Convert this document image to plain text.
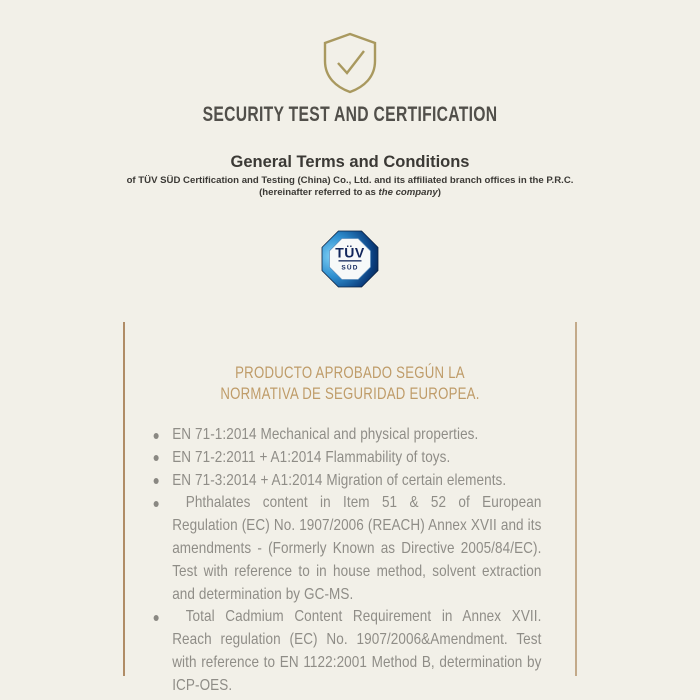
SECURITY TEST AND CERTIFICATION
General Terms and Conditions
of TÜV SÜD Certification and Testing (China) Co., Ltd. and its affiliated branch offices in the P.R.C.
(hereinafter referred to as the company)
TÜV
SÜD
PRODUCTO APROBADO SEGÚN LA
NORMATIVA DE SEGURIDAD EUROPEA.
EN 71-1:2014 Mechanical and physical properties.
EN 71-2:2011 + A1:2014 Flammability of toys.
EN 71-3:2014 + A1:2014 Migration of certain elements.
Phthalates content in Item 51 & 52 of European Regulation (EC) No. 1907/2006 (REACH) Annex XVII and its amendments - (Formerly Known as Directive 2005/84/EC). Test with reference to in house method, solvent extraction and determination by GC-MS.
Total Cadmium Content Requirement in Annex XVII. Reach regulation (EC) No. 1907/2006&Amendment. Test with reference to EN 1122:2001 Method B, determination by ICP-OES.
